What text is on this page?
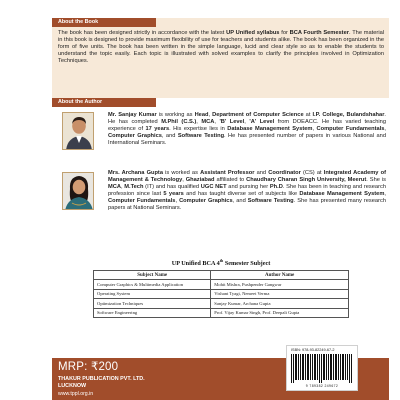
About the Book
The book has been designed strictly in accordance with the latest UP Unified syllabus for BCA Fourth Semester. The material in this book is designed to provide maximum flexibility of use for teachers and students alike. The book has been organized in the form of five units. The book has been written in the simple language, lucid and clear style so as to enable the students to understand the topic easily. Each topic is illustrated with solved examples to clarify the principles involved in Optimization Techniques.
About the Author
Mr. Sanjay Kumar is working as Head, Department of Computer Science at I.P. College, Bulandshahar. He has completed M.Phil (C.S.), MCA, 'B' Level, 'A' Level from DOEACC. He has varied teaching experience of 17 years. His expertise lies in Database Management System, Computer Fundamentals, Computer Graphics, and Software Testing. He has presented number of papers in various National and International Seminars.
Mrs. Archana Gupta is worked as Assistant Professor and Coordinator (CS) at Integrated Academy of Management & Technology, Ghaziabad affiliated to Chaudhary Charan Singh University, Meerut. She is MCA, M.Tech (IT) and has qualified UGC NET and pursing her Ph.D. She has been in teaching and research profession since last 5 years and has taught diverse set of subjects like Database Management System, Computer Fundamentals, Computer Graphics, and Software Testing. She has presented many research papers at National Seminars.
UP Unified BCA 4th Semester Subject
Subject Name	Author Name
Computer Graphics & Multimedia Application	Mohit Mishra, Pushpender Gangwar
Operating System	Vishant Tyagi, Nemeet Verma
Optimization Techniques	Sanjay Kumar, Archana Gupta
Software Engineering	Prof. Vijay Kumar Singh, Prof. Deepali Gupta
MRP: ₹200
THAKUR PUBLICATION PVT. LTD.
LUCKNOW
www.tppl.org.in
ISBN: 978-93-82249-67-2
9 789382 249672
